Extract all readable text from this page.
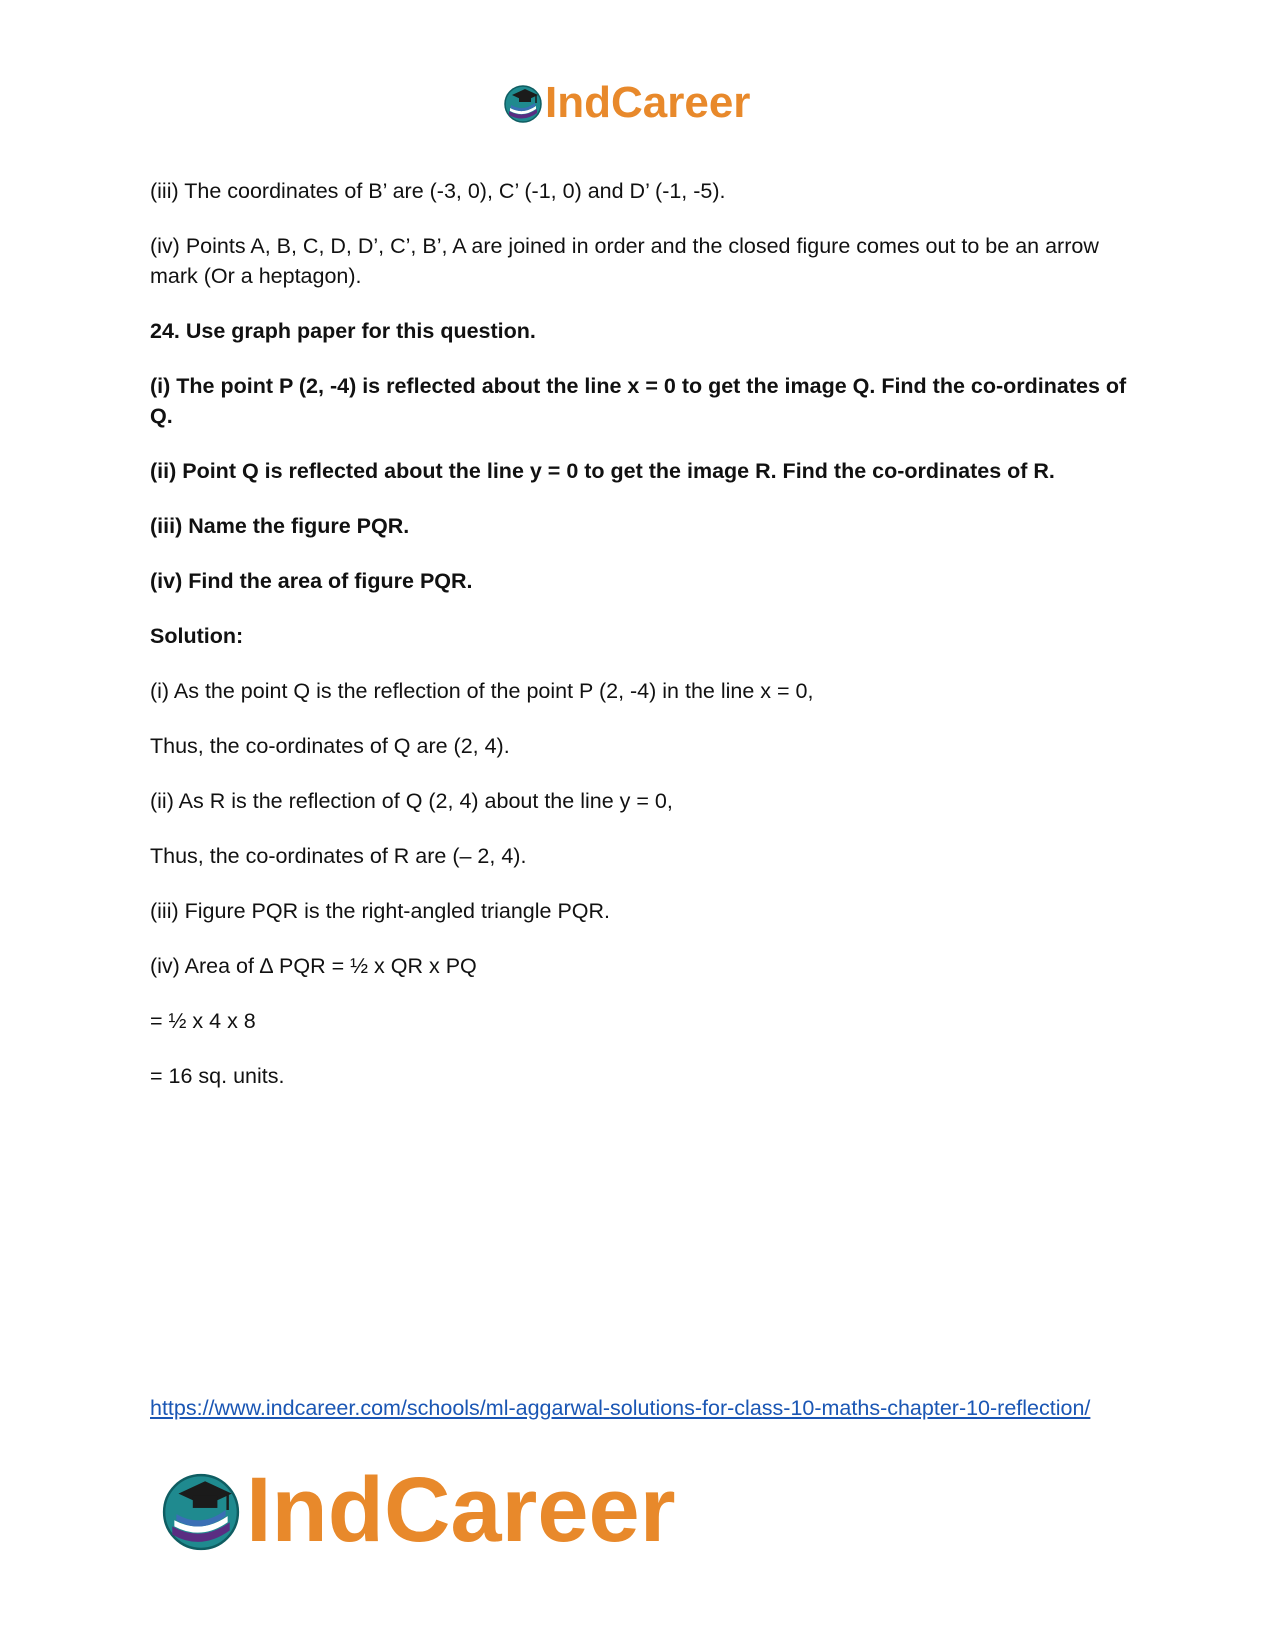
IndCareer

(iii) The coordinates of B’ are (-3, 0), C’ (-1, 0) and D’ (-1, -5).

(iv) Points A, B, C, D, D’, C’, B’, A are joined in order and the closed figure comes out to be an arrow mark (Or a heptagon).

24. Use graph paper for this question.

(i) The point P (2, -4) is reflected about the line x = 0 to get the image Q. Find the co-ordinates of Q.

(ii) Point Q is reflected about the line y = 0 to get the image R. Find the co-ordinates of R.

(iii) Name the figure PQR.

(iv) Find the area of figure PQR.

Solution:

(i) As the point Q is the reflection of the point P (2, -4) in the line x = 0,

Thus, the co-ordinates of Q are (2, 4).

(ii) As R is the reflection of Q (2, 4) about the line y = 0,

Thus, the co-ordinates of R are (– 2, 4).

(iii) Figure PQR is the right-angled triangle PQR.

(iv) Area of ∆ PQR = ½ x QR x PQ

= ½ x 4 x 8

= 16 sq. units.

https://www.indcareer.com/schools/ml-aggarwal-solutions-for-class-10-maths-chapter-10-reflection/
IndCareer
